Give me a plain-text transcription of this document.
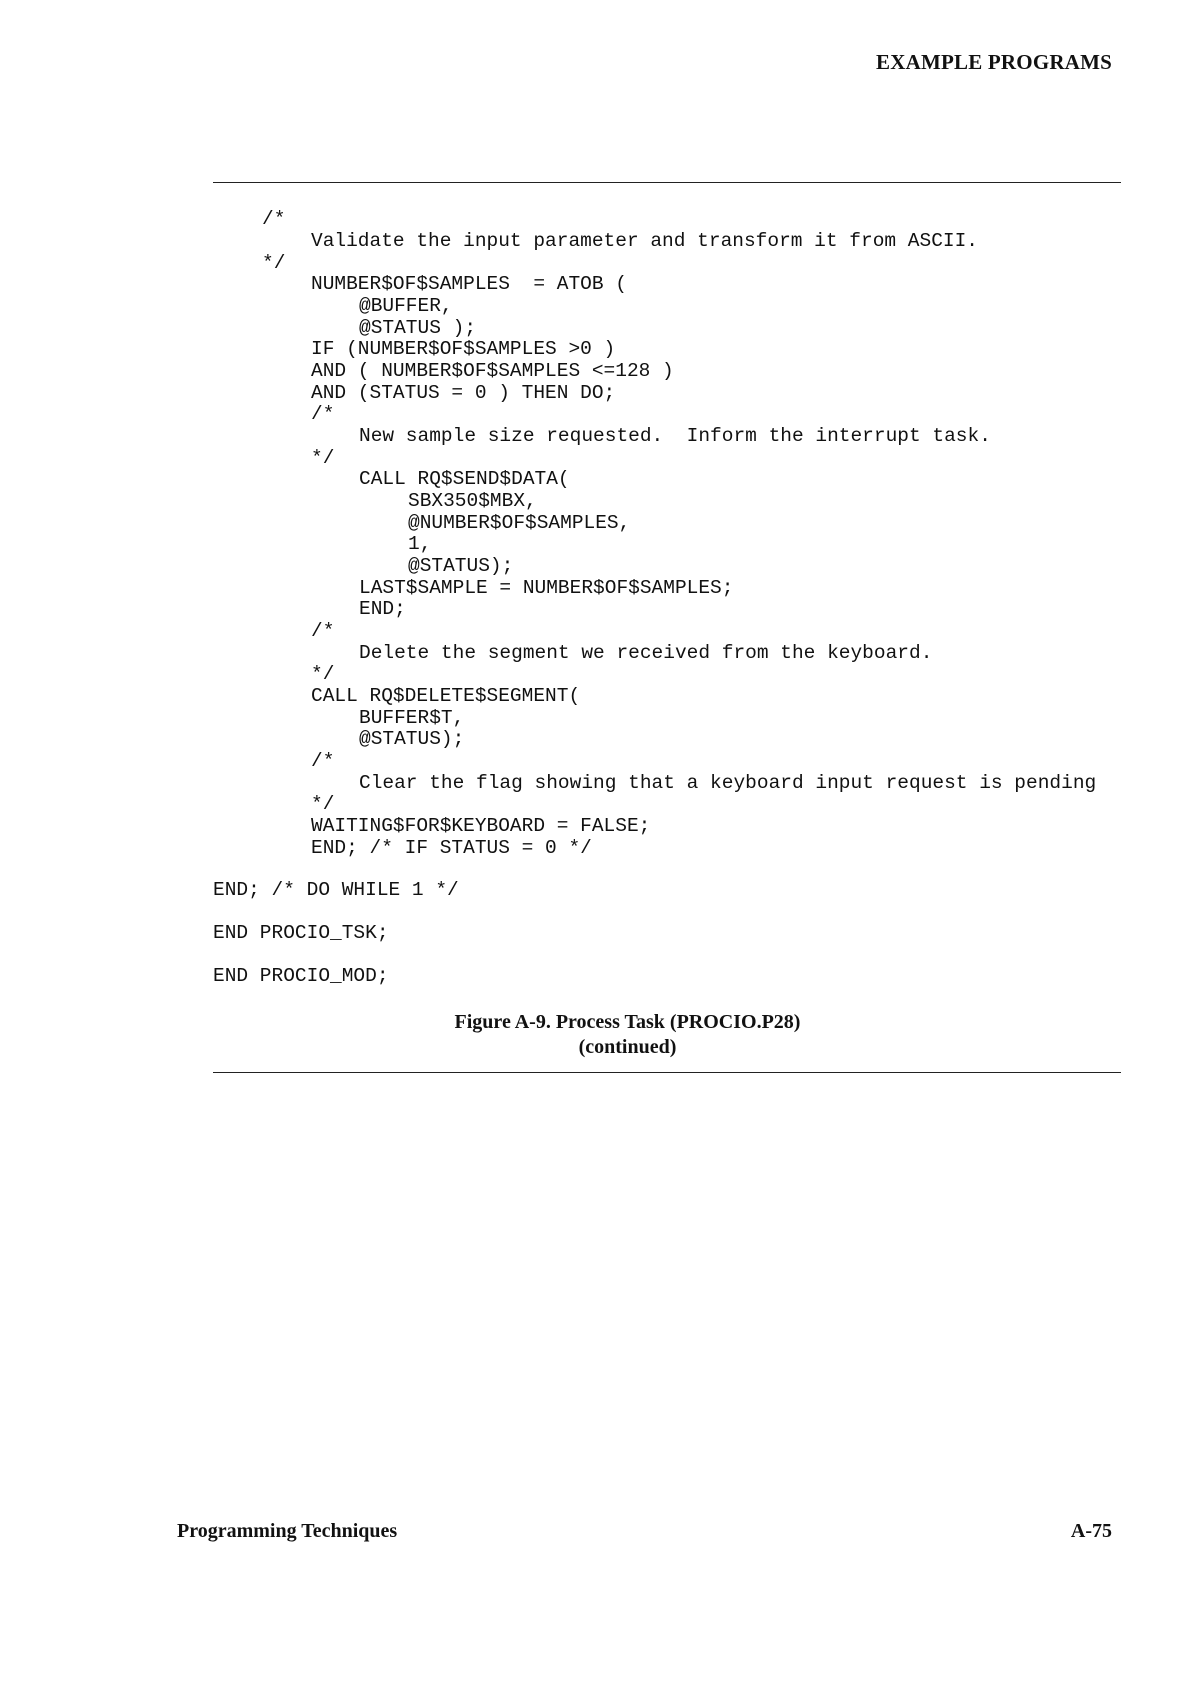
EXAMPLE PROGRAMS

/*

Validate the input parameter and transform it from ASCII.

*/

NUMBER$OF$SAMPLES  = ATOB (

@BUFFER,

@STATUS );

IF (NUMBER$OF$SAMPLES >0 )

AND ( NUMBER$OF$SAMPLES <=128 )

AND (STATUS = 0 ) THEN DO;

/*

New sample size requested.  Inform the interrupt task.

*/

CALL RQ$SEND$DATA(

SBX350$MBX,

@NUMBER$OF$SAMPLES,

1,

@STATUS);

LAST$SAMPLE = NUMBER$OF$SAMPLES;

END;

/*

Delete the segment we received from the keyboard.

*/

CALL RQ$DELETE$SEGMENT(

BUFFER$T,

@STATUS);

/*

Clear the flag showing that a keyboard input request is pending

*/

WAITING$FOR$KEYBOARD = FALSE;

END; /* IF STATUS = 0 */

END; /* DO WHILE 1 */

END PROCIO_TSK;

END PROCIO_MOD;

Figure A-9. Process Task (PROCIO.P28)
(continued)
Programming Techniques	A-75
